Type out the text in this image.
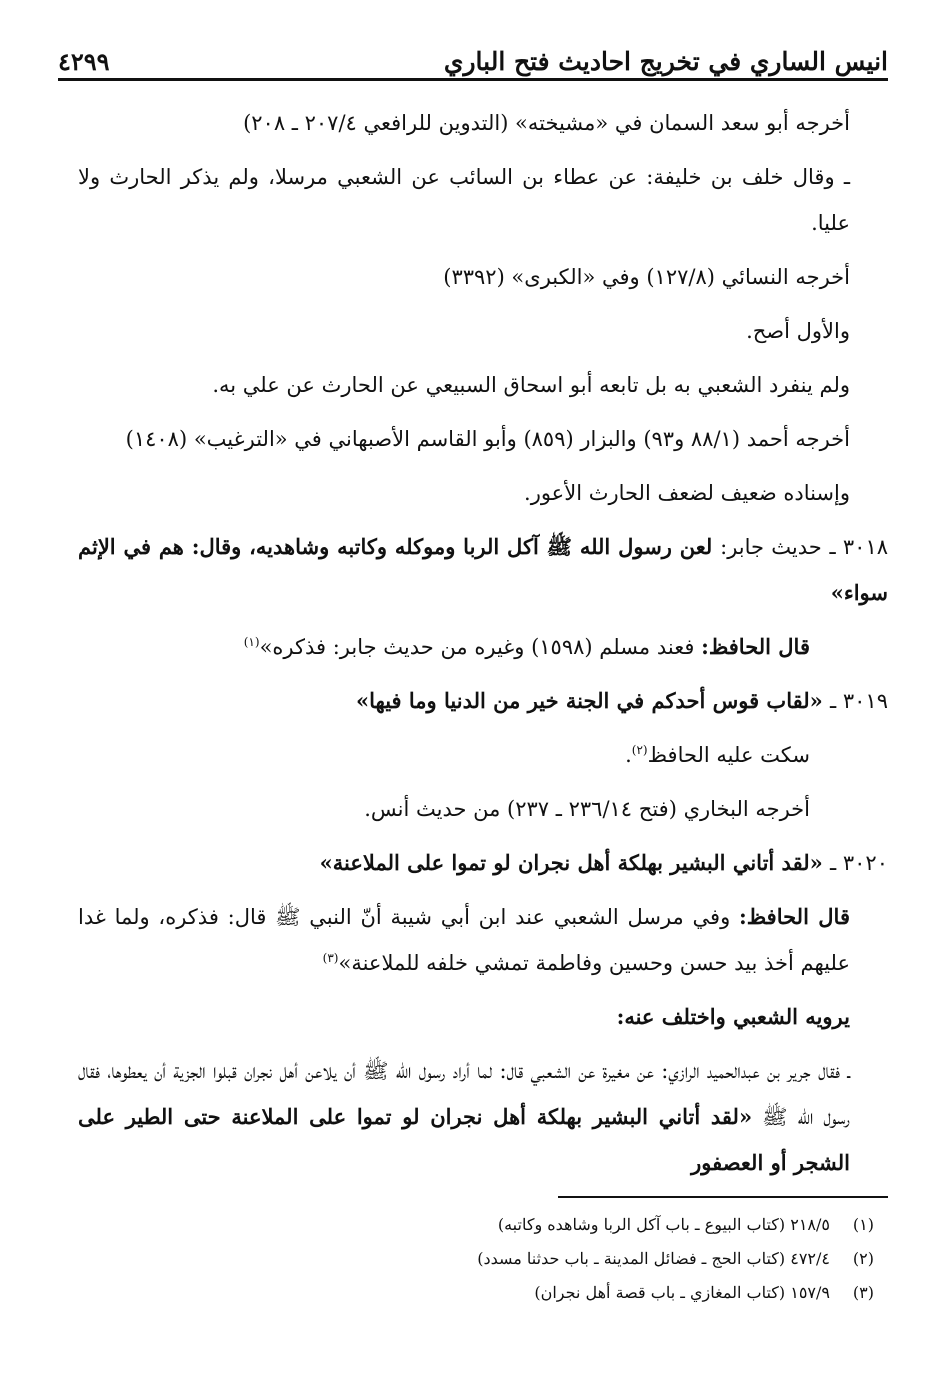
انيس الساري في تخريج احاديث فتح الباري
٤٢٩٩

أخرجه أبو سعد السمان في «مشيخته» (التدوين للرافعي ٢٠٧/٤ ـ ٢٠٨)

ـ وقال خلف بن خليفة: عن عطاء بن السائب عن الشعبي مرسلا، ولم يذكر الحارث ولا عليا.

أخرجه النسائي (١٢٧/٨) وفي «الكبرى» (٣٣٩٢)

والأول أصح.

ولم ينفرد الشعبي به بل تابعه أبو اسحاق السبيعي عن الحارث عن علي به.

أخرجه أحمد (٨٨/١ و٩٣) والبزار (٨٥٩) وأبو القاسم الأصبهاني في «الترغيب» (١٤٠٨)

وإسناده ضعيف لضعف الحارث الأعور.

٣٠١٨ ـ حديث جابر: لعن رسول الله ﷺ آكل الربا وموكله وكاتبه وشاهديه، وقال: هم في الإثم سواء»

قال الحافظ: فعند مسلم (١٥٩٨) وغيره من حديث جابر: فذكره»$^{(١)}$

٣٠١٩ ـ «لقاب قوس أحدكم في الجنة خير من الدنيا وما فيها»

سكت عليه الحافظ$^{(٢)}$.

أخرجه البخاري (فتح ٢٣٦/١٤ ـ ٢٣٧) من حديث أنس.

٣٠٢٠ ـ «لقد أتاني البشير بهلكة أهل نجران لو تموا على الملاعنة»

قال الحافظ: وفي مرسل الشعبي عند ابن أبي شيبة أنّ النبي ﷺ قال: فذكره، ولما غدا عليهم أخذ بيد حسن وحسين وفاطمة تمشي خلفه للملاعنة»$^{(٣)}$

يرويه الشعبي واختلف عنه:

ـ فقال جرير بن عبدالحميد الرازي: عن مغيرة عن الشعبي قال: لما أراد رسول الله ﷺ أن يلاعن أهل نجران قبلوا الجزية أن يعطوها، فقال رسول الله ﷺ «لقد أتاني البشير بهلكة أهل نجران لو تموا على الملاعنة حتى الطير على الشجر أو العصفور

(١)٢١٨/٥ (كتاب البيوع ـ باب آكل الربا وشاهده وكاتبه)

(٢)٤٧٢/٤ (كتاب الحج ـ فضائل المدينة ـ باب حدثنا مسدد)

(٣)١٥٧/٩ (كتاب المغازي ـ باب قصة أهل نجران)
